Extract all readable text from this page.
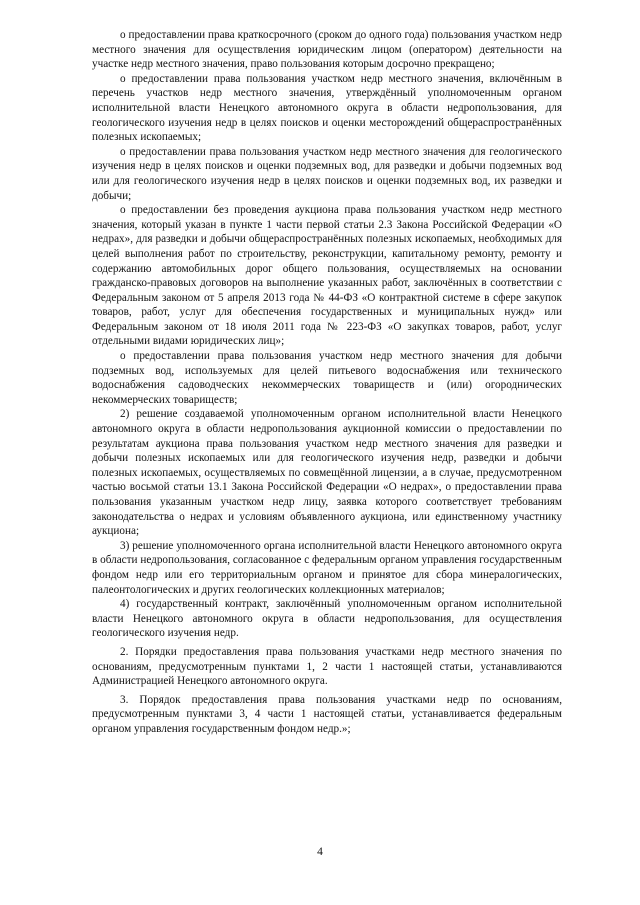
о предоставлении права краткосрочного (сроком до одного года) пользования участком недр местного значения для осуществления юридическим лицом (оператором) деятельности на участке недр местного значения, право пользования которым досрочно прекращено;

о предоставлении права пользования участком недр местного значения, включённым в перечень участков недр местного значения, утверждённый уполномоченным органом исполнительной власти Ненецкого автономного округа в области недропользования, для геологического изучения недр в целях поисков и оценки месторождений общераспространённых полезных ископаемых;

о предоставлении права пользования участком недр местного значения для геологического изучения недр в целях поисков и оценки подземных вод, для разведки и добычи подземных вод или для геологического изучения недр в целях поисков и оценки подземных вод, их разведки и добычи;

о предоставлении без проведения аукциона права пользования участком недр местного значения, который указан в пункте 1 части первой статьи 2.3 Закона Российской Федерации «О недрах», для разведки и добычи общераспространённых полезных ископаемых, необходимых для целей выполнения работ по строительству, реконструкции, капитальному ремонту, ремонту и содержанию автомобильных дорог общего пользования, осуществляемых на основании гражданско-правовых договоров на выполнение указанных работ, заключённых в соответствии с Федеральным законом от 5 апреля 2013 года № 44-ФЗ «О контрактной системе в сфере закупок товаров, работ, услуг для обеспечения государственных и муниципальных нужд» или Федеральным законом от 18 июля 2011 года № 223-ФЗ «О закупках товаров, работ, услуг отдельными видами юридических лиц»;

о предоставлении права пользования участком недр местного значения для добычи подземных вод, используемых для целей питьевого водоснабжения или технического водоснабжения садоводческих некоммерческих товариществ и (или) огороднических некоммерческих товариществ;

2) решение создаваемой уполномоченным органом исполнительной власти Ненецкого автономного округа в области недропользования аукционной комиссии о предоставлении по результатам аукциона права пользования участком недр местного значения для разведки и добычи полезных ископаемых или для геологического изучения недр, разведки и добычи полезных ископаемых, осуществляемых по совмещённой лицензии, а в случае, предусмотренном частью восьмой статьи 13.1 Закона Российской Федерации «О недрах», о предоставлении права пользования указанным участком недр лицу, заявка которого соответствует требованиям законодательства о недрах и условиям объявленного аукциона, или единственному участнику аукциона;

3) решение уполномоченного органа исполнительной власти Ненецкого автономного округа в области недропользования, согласованное с федеральным органом управления государственным фондом недр или его территориальным органом и принятое для сбора минералогических, палеонтологических и других геологических коллекционных материалов;

4) государственный контракт, заключённый уполномоченным органом исполнительной власти Ненецкого автономного округа в области недропользования, для осуществления геологического изучения недр.

2. Порядки предоставления права пользования участками недр местного значения по основаниям, предусмотренным пунктами 1, 2 части 1 настоящей статьи, устанавливаются Администрацией Ненецкого автономного округа.

3. Порядок предоставления права пользования участками недр по основаниям, предусмотренным пунктами 3, 4 части 1 настоящей статьи, устанавливается федеральным органом управления государственным фондом недр.»;

4
